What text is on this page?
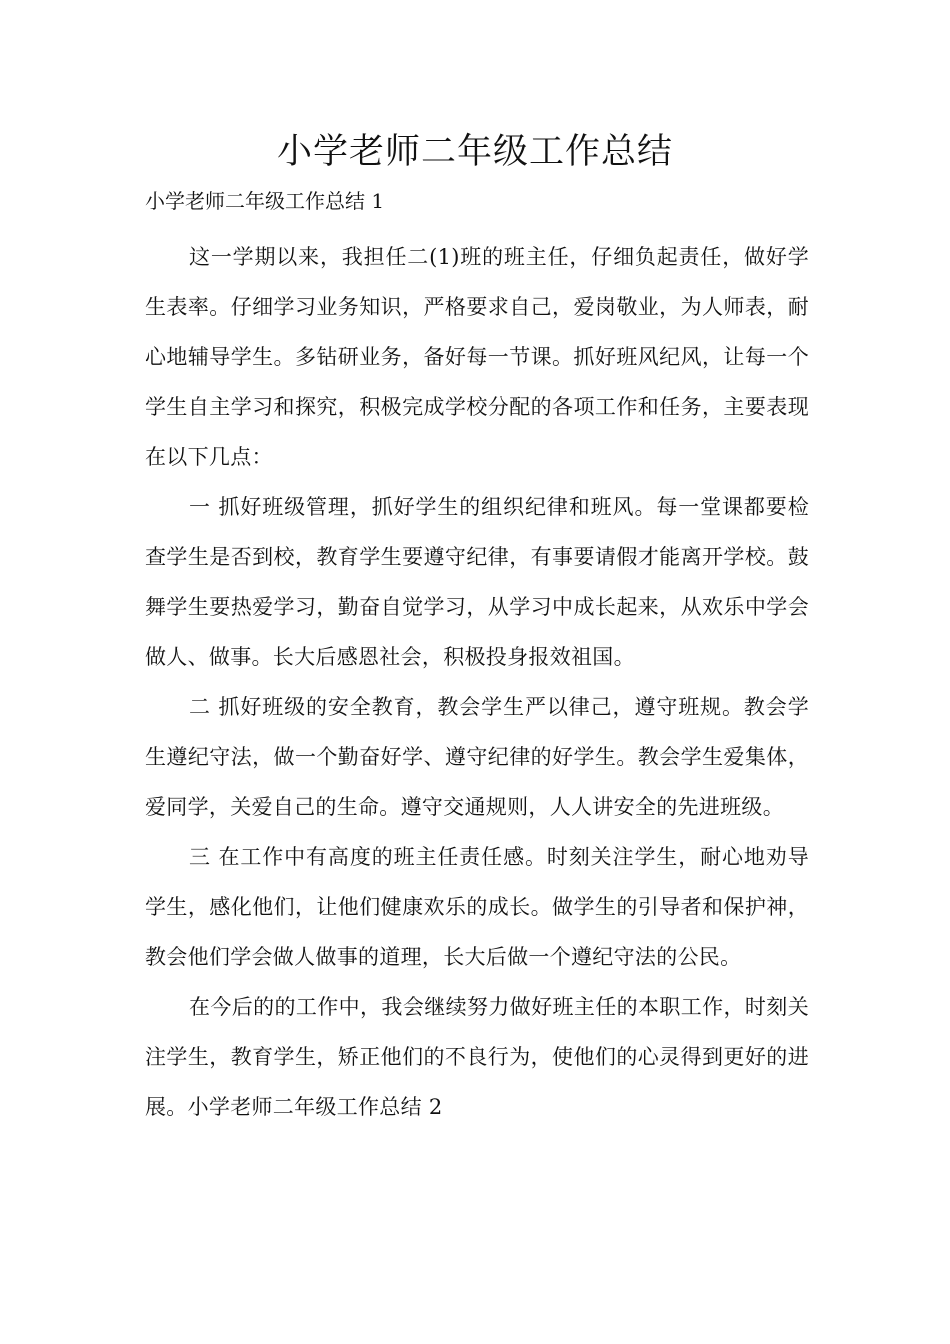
小学老师二年级工作总结

小学老师二年级工作总结 1

这一学期以来，我担任二(1)班的班主任，仔细负起责任，做好学生表率。仔细学习业务知识，严格要求自己，爱岗敬业，为人师表，耐心地辅导学生。多钻研业务，备好每一节课。抓好班风纪风，让每一个学生自主学习和探究，积极完成学校分配的各项工作和任务，主要表现在以下几点：

一 抓好班级管理，抓好学生的组织纪律和班风。每一堂课都要检查学生是否到校，教育学生要遵守纪律，有事要请假才能离开学校。鼓舞学生要热爱学习，勤奋自觉学习，从学习中成长起来，从欢乐中学会做人、做事。长大后感恩社会，积极投身报效祖国。

二 抓好班级的安全教育，教会学生严以律己，遵守班规。教会学生遵纪守法，做一个勤奋好学、遵守纪律的好学生。教会学生爱集体，爱同学，关爱自己的生命。遵守交通规则，人人讲安全的先进班级。

三 在工作中有高度的班主任责任感。时刻关注学生，耐心地劝导学生，感化他们，让他们健康欢乐的成长。做学生的引导者和保护神，教会他们学会做人做事的道理，长大后做一个遵纪守法的公民。

在今后的的工作中，我会继续努力做好班主任的本职工作，时刻关注学生，教育学生，矫正他们的不良行为，使他们的心灵得到更好的进展。小学老师二年级工作总结 2
